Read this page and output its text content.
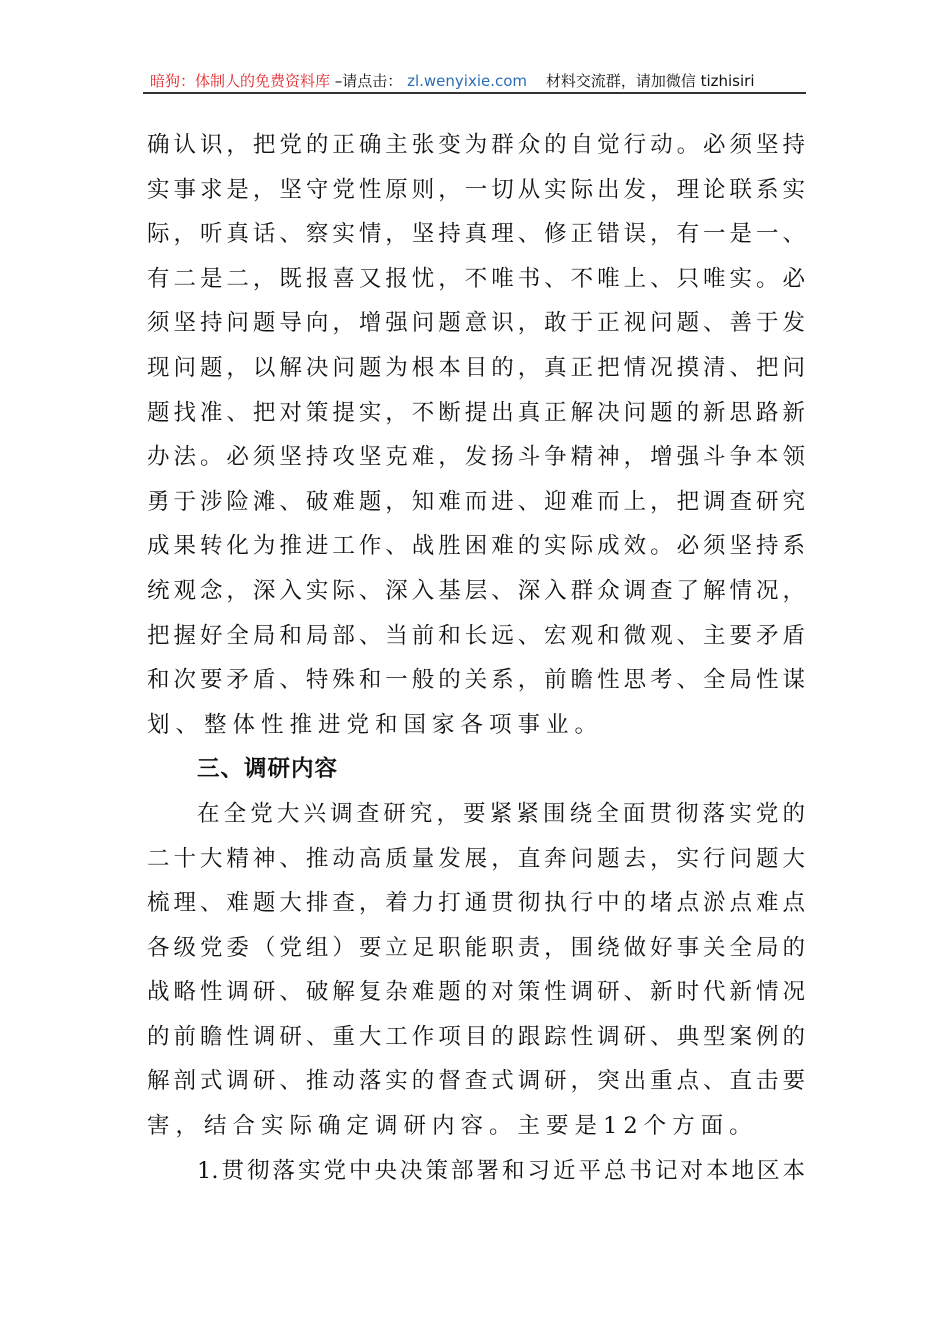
暗狗：体制人的免费资料库 –请点击： zl.wenyixie.com 材料交流群，请加微信 tizhisiri
确认识，把党的正确主张变为群众的自觉行动。必须坚持
实事求是，坚守党性原则，一切从实际出发，理论联系实
际，听真话、察实情，坚持真理、修正错误，有一是一、
有二是二，既报喜又报忧，不唯书、不唯上、只唯实。必
须坚持问题导向，增强问题意识，敢于正视问题、善于发
现问题，以解决问题为根本目的，真正把情况摸清、把问
题找准、把对策提实，不断提出真正解决问题的新思路新
办法。必须坚持攻坚克难，发扬斗争精神，增强斗争本领
勇于涉险滩、破难题，知难而进、迎难而上，把调查研究
成果转化为推进工作、战胜困难的实际成效。必须坚持系
统观念，深入实际、深入基层、深入群众调查了解情况，
把握好全局和局部、当前和长远、宏观和微观、主要矛盾
和次要矛盾、特殊和一般的关系，前瞻性思考、全局性谋
划、整体性推进党和国家各项事业。
三、调研内容
在全党大兴调查研究，要紧紧围绕全面贯彻落实党的
二十大精神、推动高质量发展，直奔问题去，实行问题大
梳理、难题大排查，着力打通贯彻执行中的堵点淤点难点
各级党委（党组）要立足职能职责，围绕做好事关全局的
战略性调研、破解复杂难题的对策性调研、新时代新情况
的前瞻性调研、重大工作项目的跟踪性调研、典型案例的
解剖式调研、推动落实的督查式调研，突出重点、直击要
害，结合实际确定调研内容。主要是12个方面。
1.贯彻落实党中央决策部署和习近平总书记对本地区本
